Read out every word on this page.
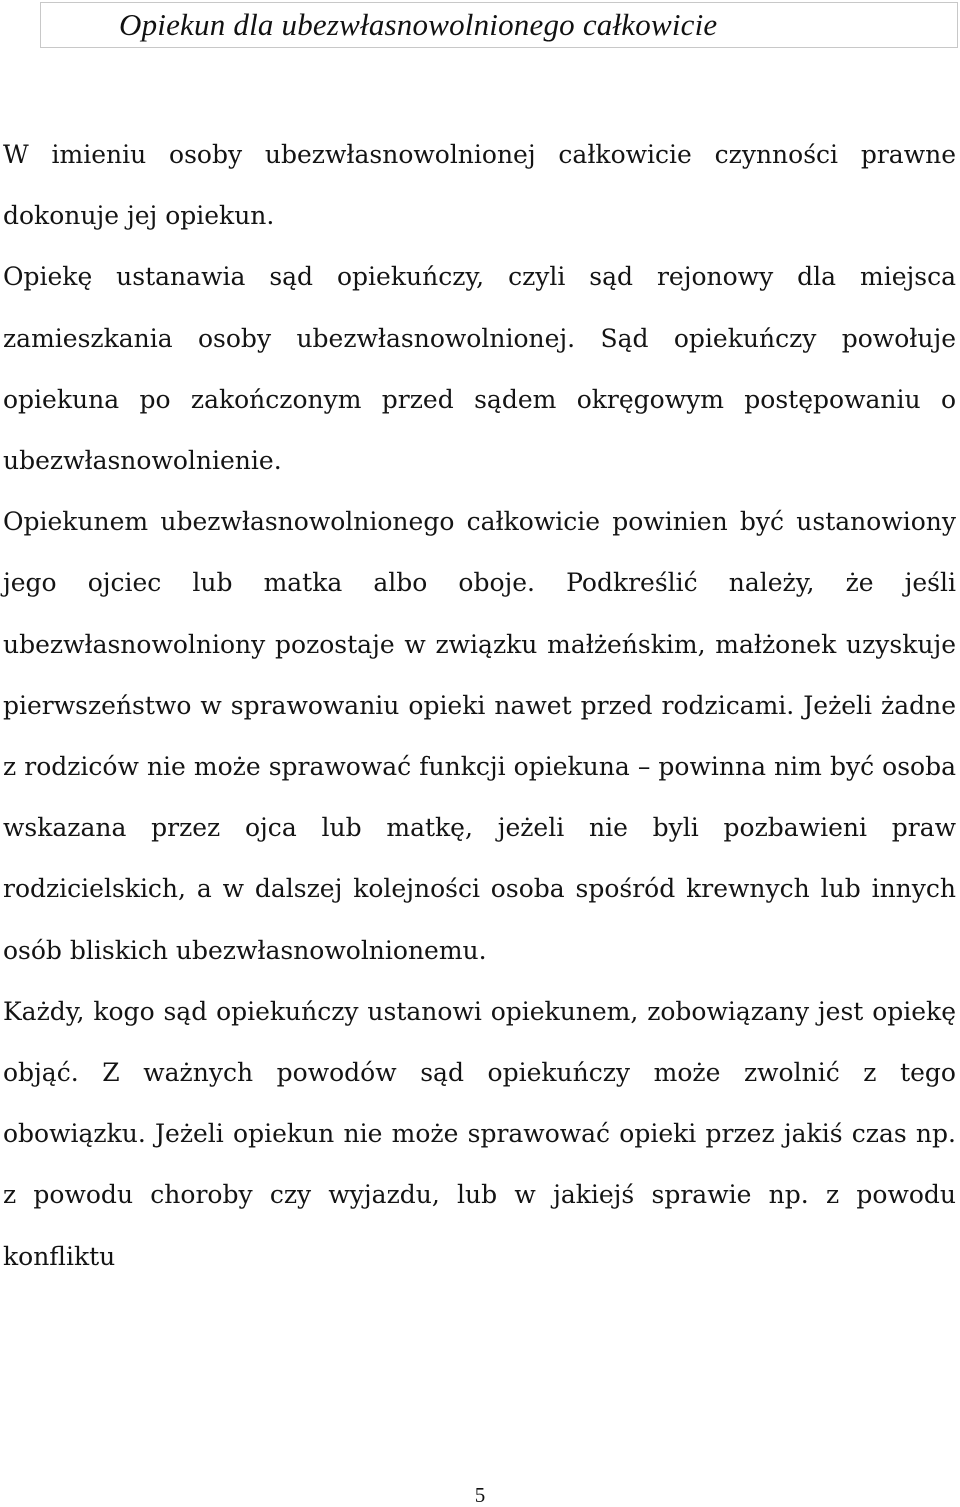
Opiekun dla ubezwłasnowolnionego całkowicie

W imieniu osoby ubezwłasnowolnionej całkowicie czynności prawne dokonuje jej opiekun.

Opiekę ustanawia sąd opiekuńczy, czyli sąd rejonowy dla miejsca zamieszkania osoby ubezwłasnowolnionej. Sąd opiekuńczy powołuje opiekuna po zakończonym przed sądem okręgowym postępowaniu o ubezwłasnowolnienie.

Opiekunem ubezwłasnowolnionego całkowicie powinien być ustanowiony jego ojciec lub matka albo oboje. Podkreślić należy, że jeśli ubezwłasnowolniony pozostaje w związku małżeńskim, małżonek uzyskuje pierwszeństwo w sprawowaniu opieki nawet przed rodzicami. Jeżeli żadne z rodziców nie może sprawować funkcji opiekuna – powinna nim być osoba wskazana przez ojca lub matkę, jeżeli nie byli pozbawieni praw rodzicielskich, a w dalszej kolejności osoba spośród krewnych lub innych osób bliskich ubezwłasnowolnionemu.

Każdy, kogo sąd opiekuńczy ustanowi opiekunem, zobowiązany jest opiekę objąć. Z ważnych powodów sąd opiekuńczy może zwolnić z tego obowiązku. Jeżeli opiekun nie może sprawować opieki przez jakiś czas np. z powodu choroby czy wyjazdu, lub w jakiejś sprawie np. z powodu konfliktu

5
